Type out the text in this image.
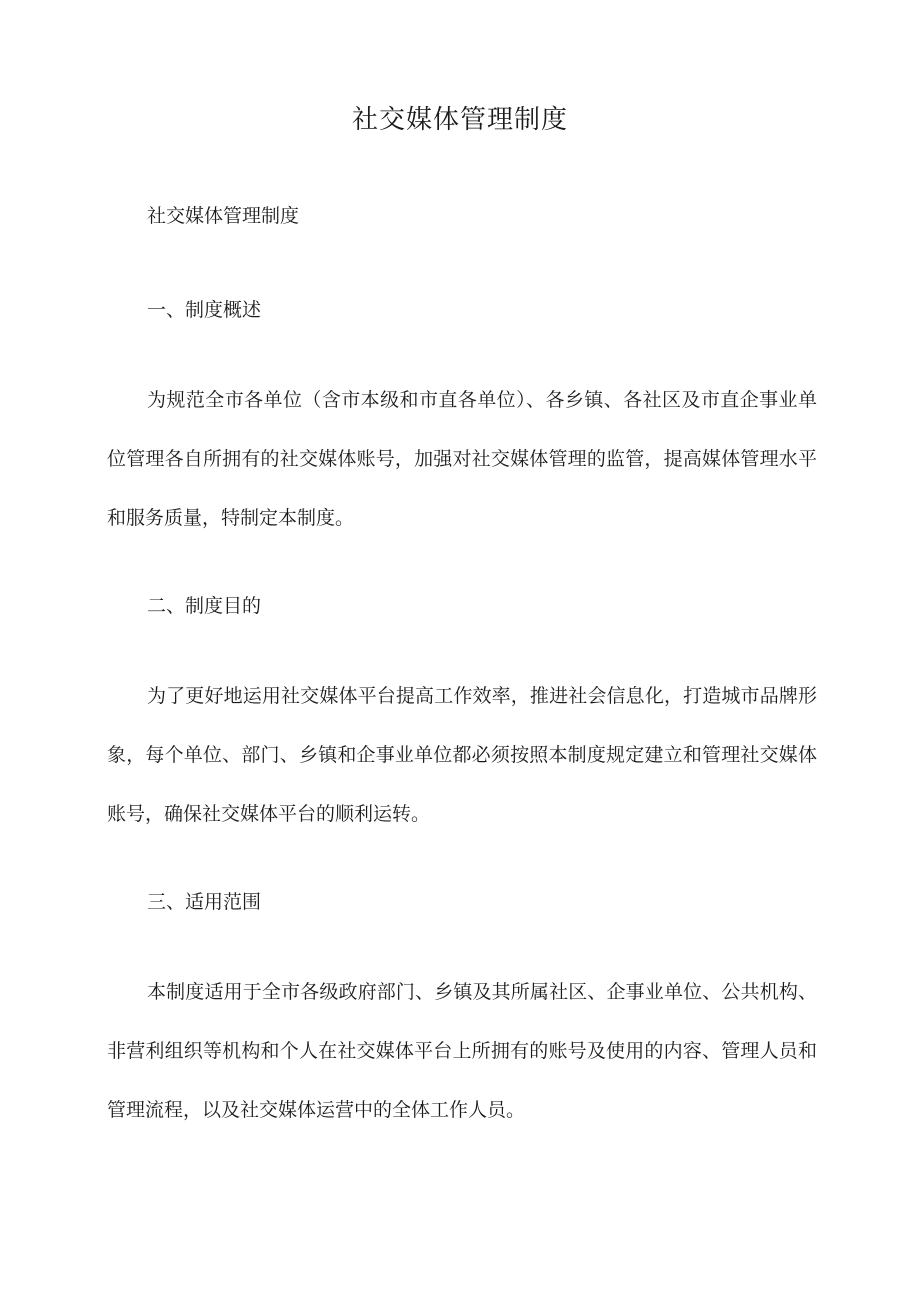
社交媒体管理制度

社交媒体管理制度

一、制度概述

为规范全市各单位（含市本级和市直各单位）、各乡镇、各社区及市直企事业单位管理各自所拥有的社交媒体账号，加强对社交媒体管理的监管，提高媒体管理水平和服务质量，特制定本制度。

二、制度目的

为了更好地运用社交媒体平台提高工作效率，推进社会信息化，打造城市品牌形象，每个单位、部门、乡镇和企事业单位都必须按照本制度规定建立和管理社交媒体账号，确保社交媒体平台的顺利运转。

三、适用范围

本制度适用于全市各级政府部门、乡镇及其所属社区、企事业单位、公共机构、非营利组织等机构和个人在社交媒体平台上所拥有的账号及使用的内容、管理人员和管理流程，以及社交媒体运营中的全体工作人员。
